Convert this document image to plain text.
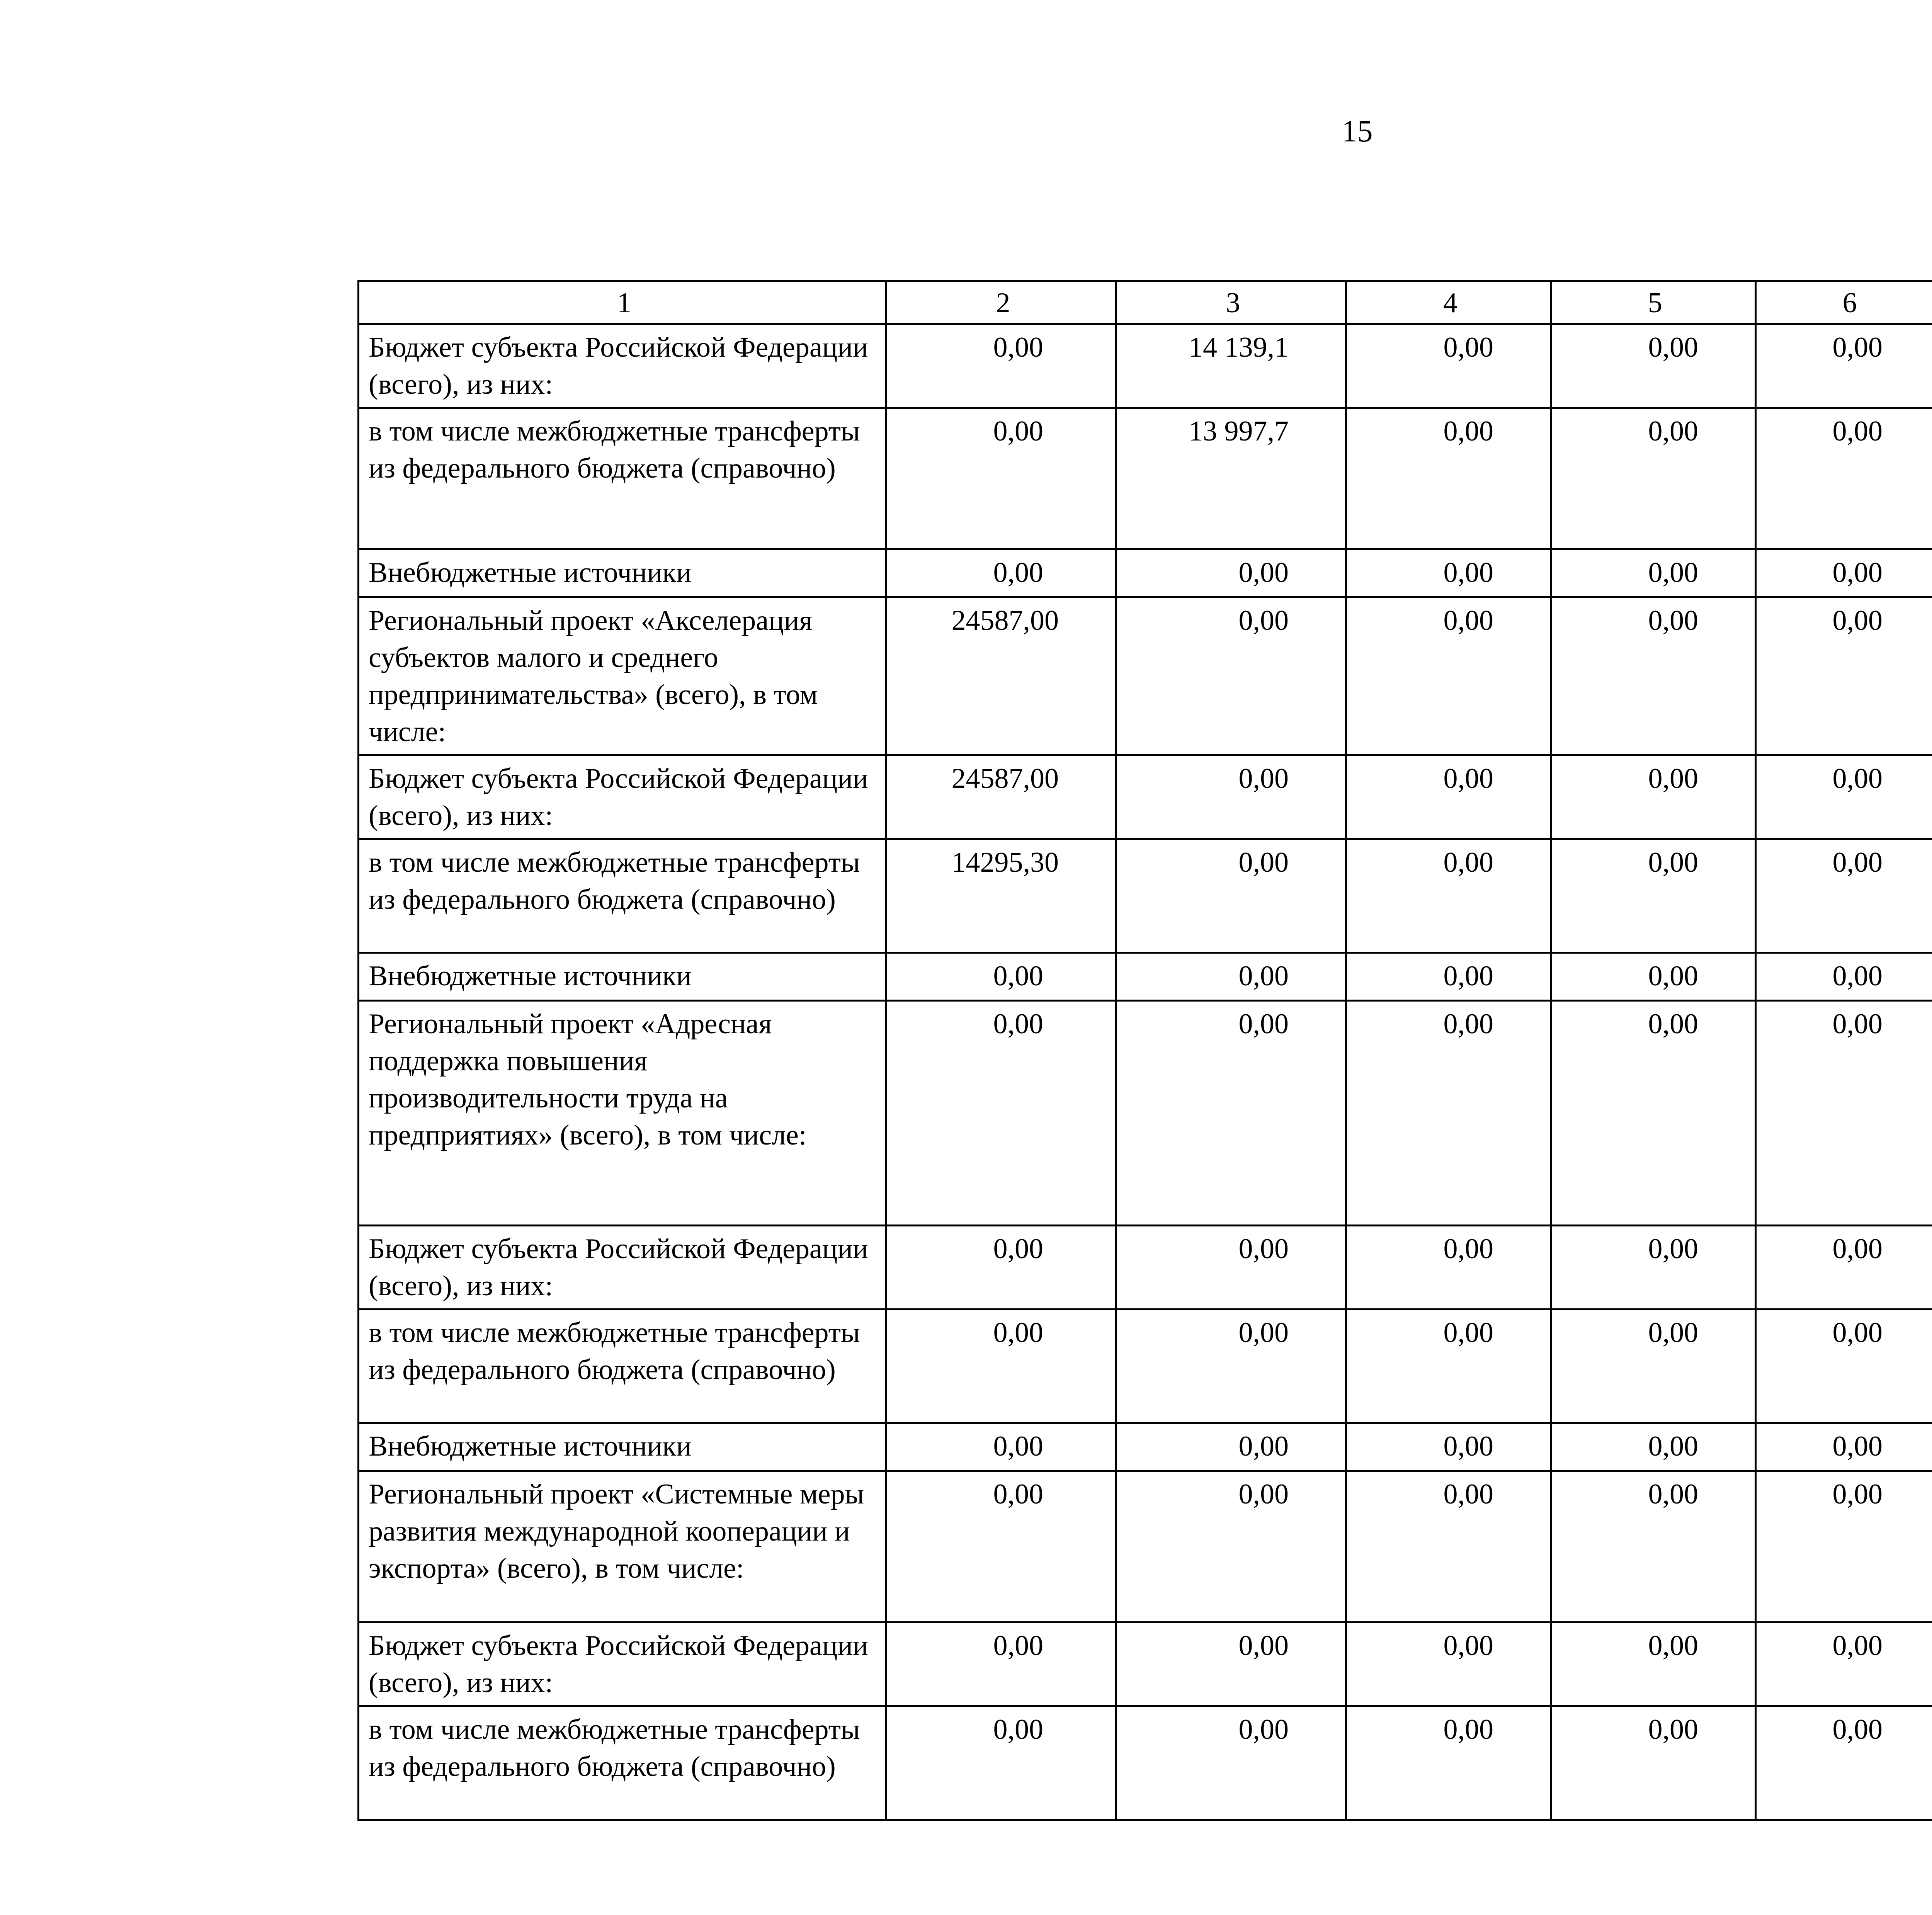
15
1	2	3	4	5	6			
Бюджет субъекта Российской Федерации (всего), из них:	0,00	14 139,1	0,00	0,00	0,00			
в том числе межбюджетные трансферты из федерального бюджета (справочно)	0,00	13 997,7	0,00	0,00	0,00			
Внебюджетные источники	0,00	0,00	0,00	0,00	0,00			
Региональный проект «Акселерация субъектов малого и среднего предпринимательства» (всего), в том числе:	24587,00	0,00	0,00	0,00	0,00			
Бюджет субъекта Российской Федерации (всего), из них:	24587,00	0,00	0,00	0,00	0,00			
в том числе межбюджетные трансферты из федерального бюджета (справочно)	14295,30	0,00	0,00	0,00	0,00			
Внебюджетные источники	0,00	0,00	0,00	0,00	0,00			
Региональный проект «Адресная поддержка повышения производительности труда на предприятиях» (всего), в том числе:	0,00	0,00	0,00	0,00	0,00			
Бюджет субъекта Российской Федерации (всего), из них:	0,00	0,00	0,00	0,00	0,00			
в том числе межбюджетные трансферты из федерального бюджета (справочно)	0,00	0,00	0,00	0,00	0,00			
Внебюджетные источники	0,00	0,00	0,00	0,00	0,00			
Региональный проект «Системные меры развития международной кооперации и экспорта» (всего), в том числе:	0,00	0,00	0,00	0,00	0,00			
Бюджет субъекта Российской Федерации (всего), из них:	0,00	0,00	0,00	0,00	0,00			
в том числе межбюджетные трансферты из федерального бюджета (справочно)	0,00	0,00	0,00	0,00	0,00			
